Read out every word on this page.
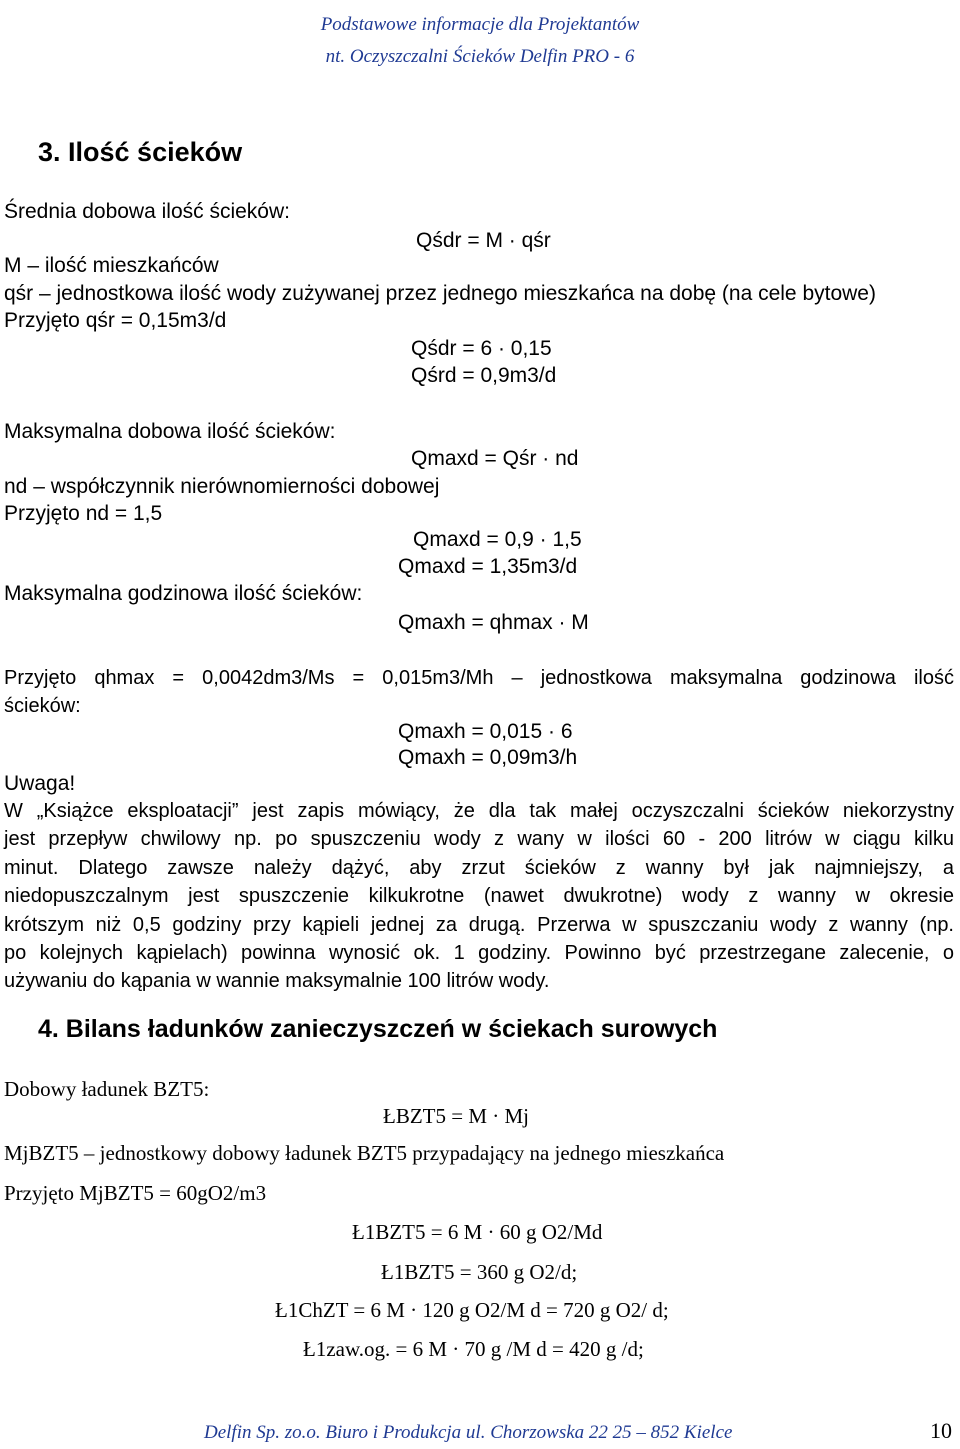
Podstawowe informacje dla Projektantów
nt. Oczyszczalni Ścieków Delfin PRO - 6
3. Ilość ścieków
Średnia dobowa ilość ścieków:
Qśdr = M · qśr
M – ilość mieszkańców
qśr – jednostkowa ilość wody zużywanej przez jednego mieszkańca na dobę (na cele bytowe)
Przyjęto qśr = 0,15m3/d
Qśdr = 6 · 0,15
Qśrd = 0,9m3/d
Maksymalna dobowa ilość ścieków:
Qmaxd = Qśr · nd
nd – współczynnik nierównomierności dobowej
Przyjęto nd = 1,5
Qmaxd = 0,9 · 1,5
Qmaxd = 1,35m3/d
Maksymalna godzinowa ilość ścieków:
Qmaxh = qhmax · M
Przyjęto qhmax = 0,0042dm3/Ms = 0,015m3/Mh – jednostkowa maksymalna godzinowa ilość
ścieków:
Qmaxh = 0,015 · 6
Qmaxh = 0,09m3/h
Uwaga!
W „Książce eksploatacji” jest zapis mówiący, że dla tak małej oczyszczalni ścieków niekorzystny
jest przepływ chwilowy np. po spuszczeniu wody z wany w ilości 60 - 200 litrów w ciągu kilku
minut. Dlatego zawsze należy dążyć, aby zrzut ścieków z wanny był jak najmniejszy, a
niedopuszczalnym jest spuszczenie kilkukrotne (nawet dwukrotne) wody z wanny w okresie
krótszym niż 0,5 godziny przy kąpieli jednej za drugą. Przerwa w spuszczaniu wody z wanny (np.
po kolejnych kąpielach) powinna wynosić ok. 1 godziny. Powinno być przestrzegane zalecenie, o
używaniu do kąpania w wannie maksymalnie 100 litrów wody.
4. Bilans ładunków zanieczyszczeń w ściekach surowych
Dobowy ładunek BZT5:
ŁBZT5 = M · Mj
MjBZT5 – jednostkowy dobowy ładunek BZT5 przypadający na jednego mieszkańca
Przyjęto MjBZT5 = 60gO2/m3
Ł1BZT5 = 6 M · 60 g O2/Md
Ł1BZT5 = 360 g O2/d;
Ł1ChZT = 6 M · 120 g O2/M d = 720 g O2/ d;
Ł1zaw.og. = 6 M · 70 g /M d = 420 g /d;
Delfin Sp. zo.o. Biuro i Produkcja ul. Chorzowska 22 25 – 852 Kielce	10
